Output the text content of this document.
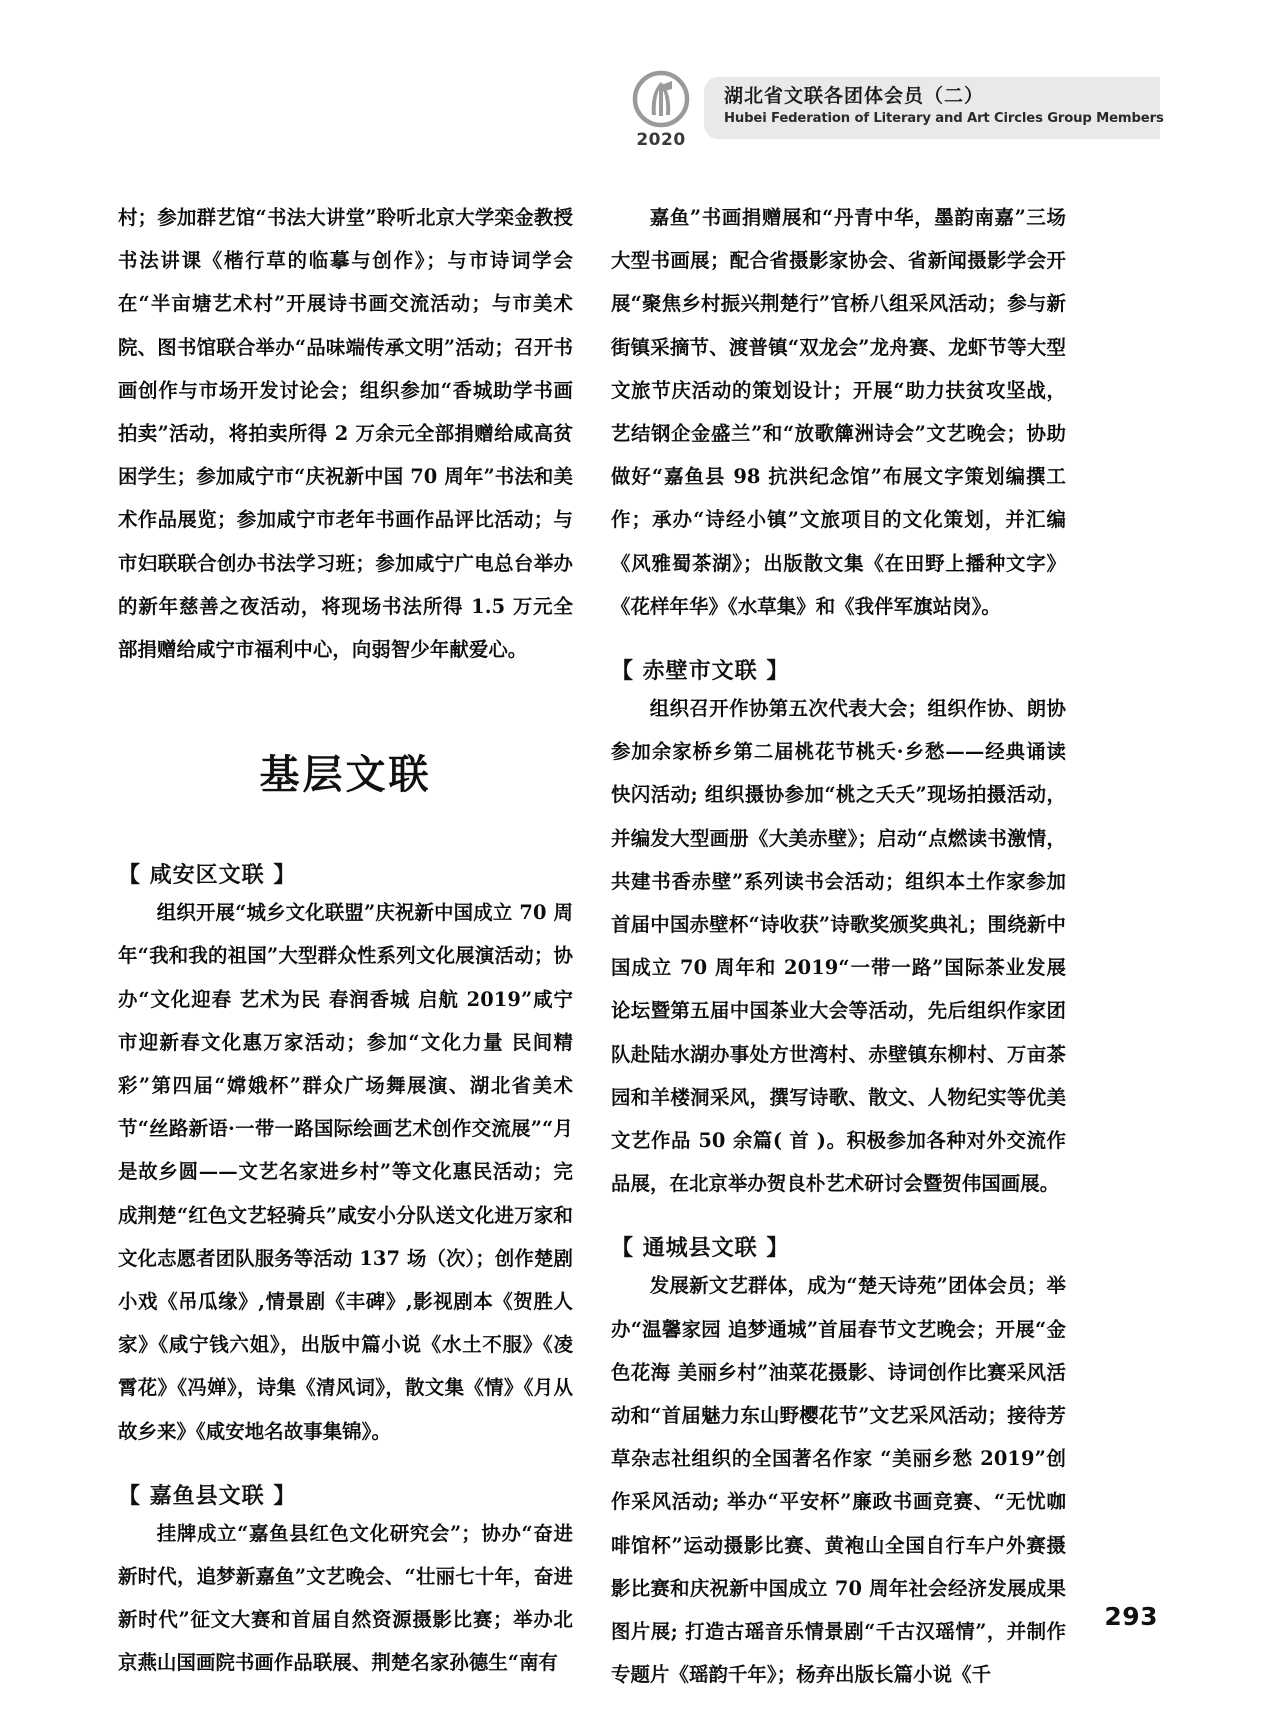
2020
湖北省文联各团体会员（二）
Hubei Federation of Literary and Art Circles Group Members

村；参加群艺馆“书法大讲堂”聆听北京大学栾金教授书法讲课《楷行草的临摹与创作》；与市诗词学会在“半亩塘艺术村”开展诗书画交流活动；与市美术院、图书馆联合举办“品味端传承文明”活动；召开书画创作与市场开发讨论会；组织参加“香城助学书画拍卖”活动，将拍卖所得 2 万余元全部捐赠给咸高贫困学生；参加咸宁市“庆祝新中国 70 周年”书法和美术作品展览；参加咸宁市老年书画作品评比活动；与市妇联联合创办书法学习班；参加咸宁广电总台举办的新年慈善之夜活动，将现场书法所得 1.5 万元全部捐赠给咸宁市福利中心，向弱智少年献爱心。

基层文联
【 咸安区文联 】

组织开展“城乡文化联盟”庆祝新中国成立 70 周年“我和我的祖国”大型群众性系列文化展演活动；协办“文化迎春 艺术为民 春润香城 启航 2019”咸宁市迎新春文化惠万家活动；参加“文化力量 民间精彩”第四届“嫦娥杯”群众广场舞展演、湖北省美术节“丝路新语·一带一路国际绘画艺术创作交流展”“月是故乡圆——文艺名家进乡村”等文化惠民活动；完成荆楚“红色文艺轻骑兵”咸安小分队送文化进万家和文化志愿者团队服务等活动 137 场（次）；创作楚剧小戏《吊瓜缘》,情景剧《丰碑》,影视剧本《贺胜人家》《咸宁钱六姐》，出版中篇小说《水土不服》《凌霄花》《冯婵》，诗集《清风词》，散文集《情》《月从故乡来》《咸安地名故事集锦》。

【 嘉鱼县文联 】

挂牌成立“嘉鱼县红色文化研究会”；协办“奋进新时代，追梦新嘉鱼”文艺晚会、“壮丽七十年，奋进新时代”征文大赛和首届自然资源摄影比赛；举办北京燕山国画院书画作品联展、荆楚名家孙德生“南有

嘉鱼”书画捐赠展和“丹青中华，墨韵南嘉”三场大型书画展；配合省摄影家协会、省新闻摄影学会开展“聚焦乡村振兴荆楚行”官桥八组采风活动；参与新街镇采摘节、渡普镇“双龙会”龙舟赛、龙虾节等大型文旅节庆活动的策划设计；开展“助力扶贫攻坚战，艺结钢企金盛兰”和“放歌簰洲诗会”文艺晚会；协助做好“嘉鱼县 98 抗洪纪念馆”布展文字策划编撰工作；承办“诗经小镇”文旅项目的文化策划，并汇编《风雅蜀茶湖》；出版散文集《在田野上播种文字》《花样年华》《水草集》和《我伴军旗站岗》。

【 赤壁市文联 】

组织召开作协第五次代表大会；组织作协、朗协参加余家桥乡第二届桃花节桃夭·乡愁——经典诵读快闪活动; 组织摄协参加“桃之夭夭”现场拍摄活动，并编发大型画册《大美赤壁》；启动“点燃读书激情，共建书香赤壁”系列读书会活动；组织本土作家参加首届中国赤壁杯“诗收获”诗歌奖颁奖典礼；围绕新中国成立 70 周年和 2019“一带一路”国际茶业发展论坛暨第五届中国茶业大会等活动，先后组织作家团队赴陆水湖办事处方世湾村、赤壁镇东柳村、万亩茶园和羊楼洞采风，撰写诗歌、散文、人物纪实等优美文艺作品 50 余篇( 首 )。积极参加各种对外交流作品展，在北京举办贺良朴艺术研讨会暨贺伟国画展。

【 通城县文联 】

发展新文艺群体，成为“楚天诗苑”团体会员；举办“温馨家园 追梦通城”首届春节文艺晚会；开展“金色花海 美丽乡村”油菜花摄影、诗词创作比赛采风活动和“首届魅力东山野樱花节”文艺采风活动；接待芳草杂志社组织的全国著名作家 “美丽乡愁 2019”创作采风活动; 举办“平安杯”廉政书画竞赛、“无忧咖啡馆杯”运动摄影比赛、黄袍山全国自行车户外赛摄影比赛和庆祝新中国成立 70 周年社会经济发展成果图片展; 打造古瑶音乐情景剧“千古汉瑶情”，并制作专题片《瑶韵千年》；杨弃出版长篇小说《千

293
